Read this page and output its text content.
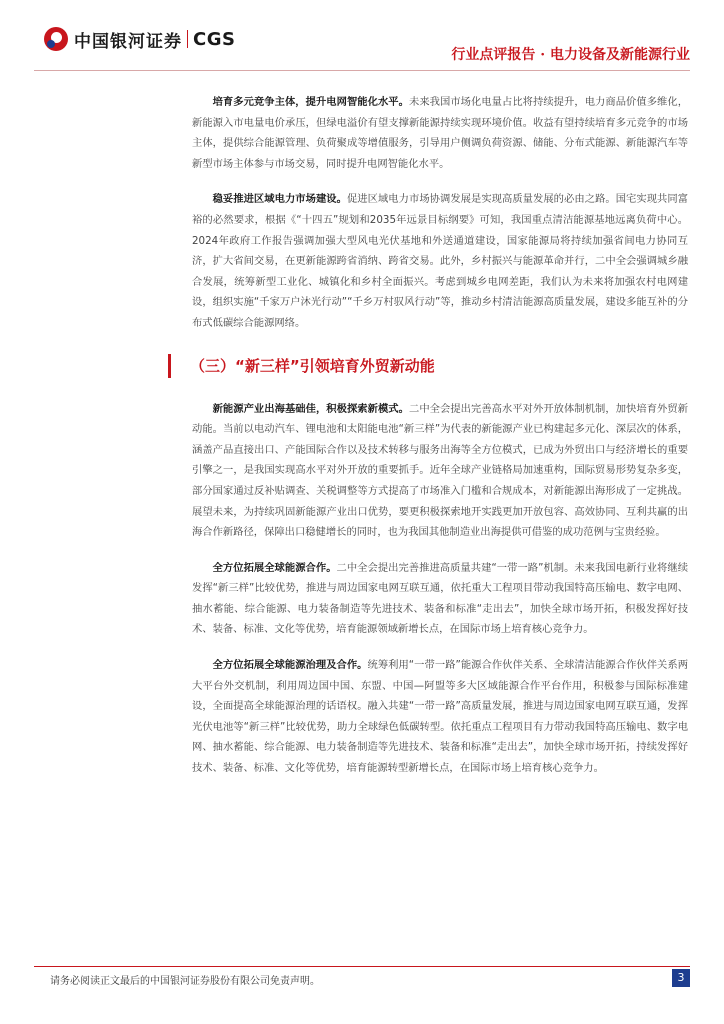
中国银河证券 CGS
行业点评报告 · 电力设备及新能源行业

培育多元竞争主体，提升电网智能化水平。未来我国市场化电量占比将持续提升，电力商品价值多维化，新能源入市电量电价承压，但绿电溢价有望支撑新能源持续实现环境价值。收益有望持续培育多元竞争的市场主体，提供综合能源管理、负荷聚成等增值服务，引导用户侧调负荷资源、储能、分布式能源、新能源汽车等新型市场主体参与市场交易，同时提升电网智能化水平。

稳妥推进区域电力市场建设。促进区域电力市场协调发展是实现高质量发展的必由之路。国宅实现共同富裕的必然要求，根据《“十四五”规划和2035年远景目标纲要》可知，我国重点清洁能源基地远离负荷中心。2024年政府工作报告强调加强大型风电光伏基地和外送通道建设，国家能源局将持续加强省间电力协同互济，扩大省间交易，在更新能源跨省消纳、跨省交易。此外，乡村振兴与能源革命并行，二中全会强调城乡融合发展，统筹新型工业化、城镇化和乡村全面振兴。考虑到城乡电网差距，我们认为未来将加强农村电网建设，组织实施“千家万户沐光行动”“千乡万村驭风行动”等，推动乡村清洁能源高质量发展，建设多能互补的分布式低碳综合能源网络。

（三）“新三样”引领培育外贸新动能

新能源产业出海基础佳，积极探索新模式。二中全会提出完善高水平对外开放体制机制，加快培育外贸新动能。当前以电动汽车、锂电池和太阳能电池“新三样”为代表的新能源产业已构建起多元化、深层次的体系，涵盖产品直接出口、产能国际合作以及技术转移与服务出海等全方位模式，已成为外贸出口与经济增长的重要引擎之一，是我国实现高水平对外开放的重要抓手。近年全球产业链格局加速重构，国际贸易形势复杂多变，部分国家通过反补贴调查、关税调整等方式提高了市场准入门槛和合规成本，对新能源出海形成了一定挑战。展望未来，为持续巩固新能源产业出口优势，要更积极探索地开实践更加开放包容、高效协同、互利共赢的出海合作新路径，保障出口稳健增长的同时，也为我国其他制造业出海提供可借鉴的成功范例与宝贵经验。

全方位拓展全球能源合作。二中全会提出完善推进高质量共建“一带一路”机制。未来我国电新行业将继续发挥“新三样”比较优势，推进与周边国家电网互联互通，依托重大工程项目带动我国特高压输电、数字电网、抽水蓄能、综合能源、电力装备制造等先进技术、装备和标准“走出去”，加快全球市场开拓，积极发挥好技术、装备、标准、文化等优势，培育能源领域新增长点，在国际市场上培育核心竞争力。

全方位拓展全球能源治理及合作。统筹利用“一带一路”能源合作伙伴关系、全球清洁能源合作伙伴关系两大平台外交机制，利用周边国中国、东盟、中国—阿盟等多大区域能源合作平台作用，积极参与国际标准建设，全面提高全球能源治理的话语权。融入共建“一带一路”高质量发展，推进与周边国家电网互联互通，发挥光伏电池等“新三样”比较优势，助力全球绿色低碳转型。依托重点工程项目有力带动我国特高压输电、数字电网、抽水蓄能、综合能源、电力装备制造等先进技术、装备和标准“走出去”，加快全球市场开拓，持续发挥好技术、装备、标准、文化等优势，培育能源转型新增长点，在国际市场上培育核心竞争力。

请务必阅读正文最后的中国银河证券股份有限公司免责声明。	3
